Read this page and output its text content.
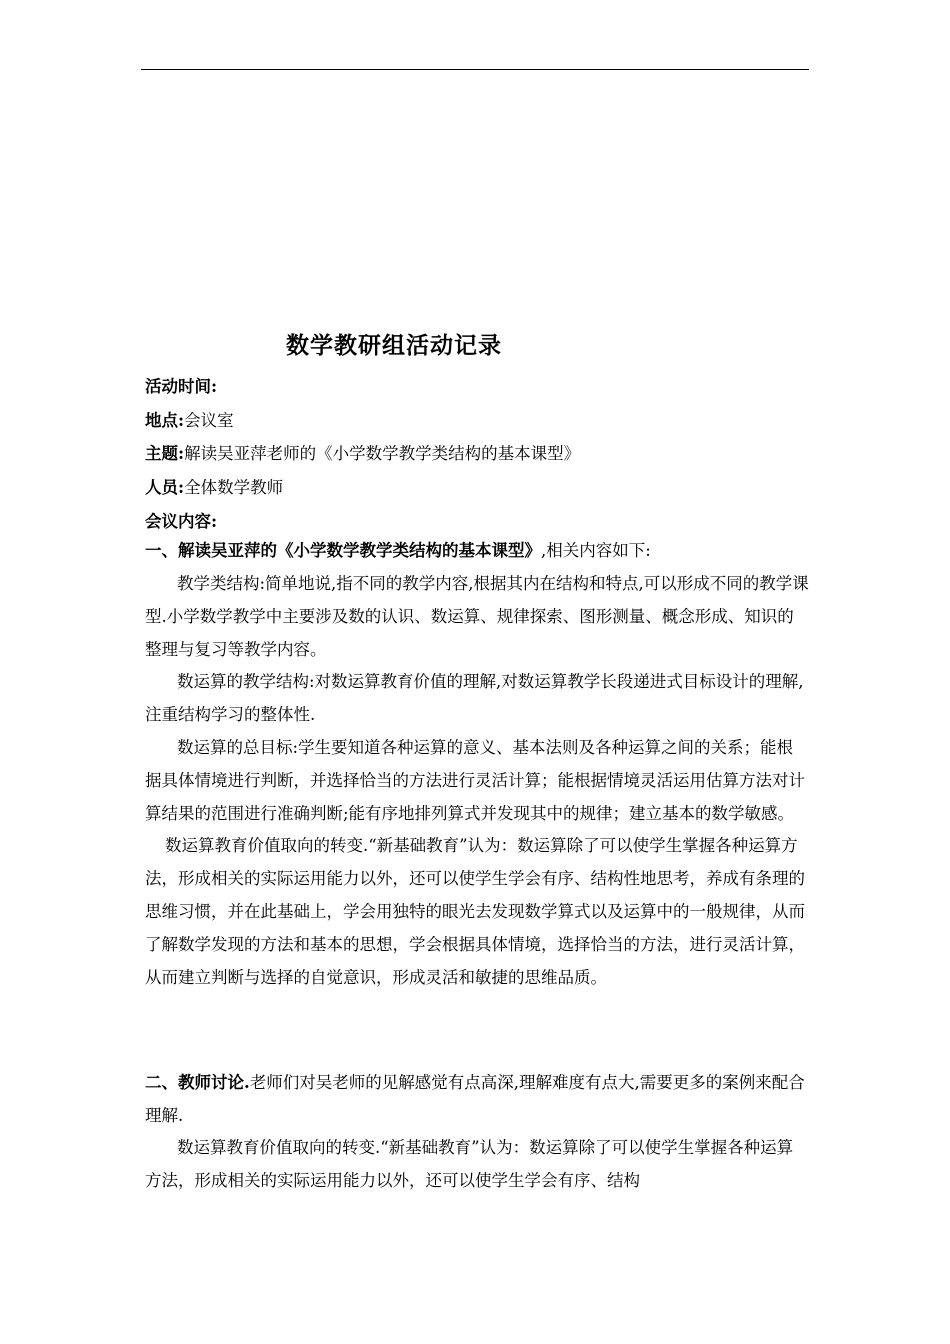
数学教研组活动记录
活动时间:
地点:会议室
主题:解读吴亚萍老师的《小学数学教学类结构的基本课型》
人员:全体数学教师
会议内容:
一、解读吴亚萍的《小学数学教学类结构的基本课型》,相关内容如下:

教学类结构:简单地说,指不同的教学内容,根据其内在结构和特点,可以形成不同的教学课型.小学数学教学中主要涉及数的认识、数运算、规律探索、图形测量、概念形成、知识的整理与复习等教学内容。

数运算的教学结构:对数运算教育价值的理解,对数运算教学长段递进式目标设计的理解,注重结构学习的整体性.

数运算的总目标:学生要知道各种运算的意义、基本法则及各种运算之间的关系；能根据具体情境进行判断，并选择恰当的方法进行灵活计算；能根据情境灵活运用估算方法对计算结果的范围进行准确判断;能有序地排列算式并发现其中的规律；建立基本的数学敏感。

数运算教育价值取向的转变.“新基础教育”认为：数运算除了可以使学生掌握各种运算方法，形成相关的实际运用能力以外，还可以使学生学会有序、结构性地思考，养成有条理的思维习惯，并在此基础上，学会用独特的眼光去发现数学算式以及运算中的一般规律，从而了解数学发现的方法和基本的思想，学会根据具体情境，选择恰当的方法，进行灵活计算，从而建立判断与选择的自觉意识，形成灵活和敏捷的思维品质。

二、教师讨论.老师们对吴老师的见解感觉有点高深,理解难度有点大,需要更多的案例来配合理解.

数运算教育价值取向的转变.“新基础教育”认为：数运算除了可以使学生掌握各种运算方法，形成相关的实际运用能力以外，还可以使学生学会有序、结构
